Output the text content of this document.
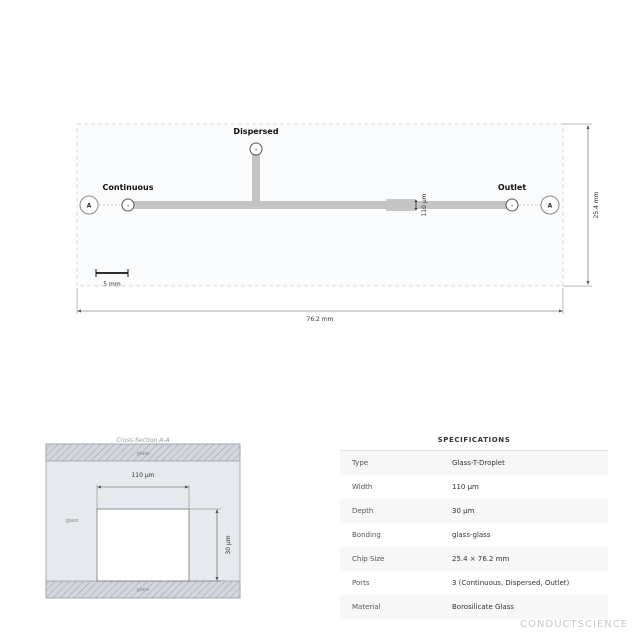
+
+
+
Dispersed
Continuous	Outlet
A	A
110 µm	25.4 mm
76.2 mm
5 mm
Cross-Section A-A
glass
glass
glass
110 µm
30 µm
SPECIFICATIONS
Type	Glass-T-Droplet
Width	110 µm
Depth	30 µm
Bonding	glass-glass
Chip Size	25.4 × 76.2 mm
Ports	3 (Continuous, Dispersed, Outlet)
Material	Borosilicate Glass
CONDUCTSCIENCE
